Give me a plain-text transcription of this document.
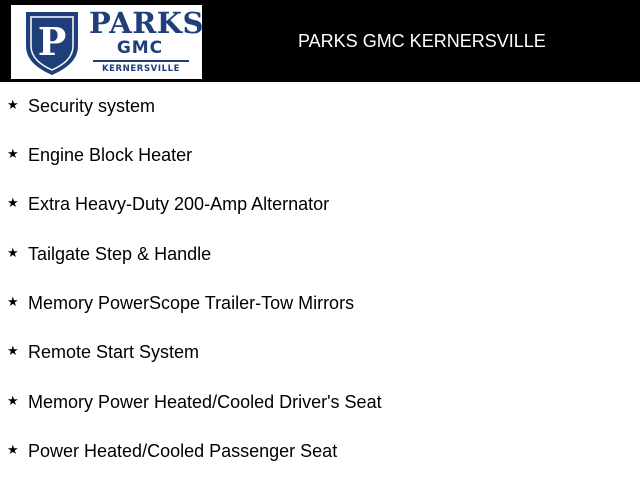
P PARKS
GMC
KERNERSVILLE
PARKS GMC KERNERSVILLE
★ Security system
★ Engine Block Heater
★ Extra Heavy-Duty 200-Amp Alternator
★ Tailgate Step & Handle
★ Memory PowerScope Trailer-Tow Mirrors
★ Remote Start System
★ Memory Power Heated/Cooled Driver's Seat
★ Power Heated/Cooled Passenger Seat
